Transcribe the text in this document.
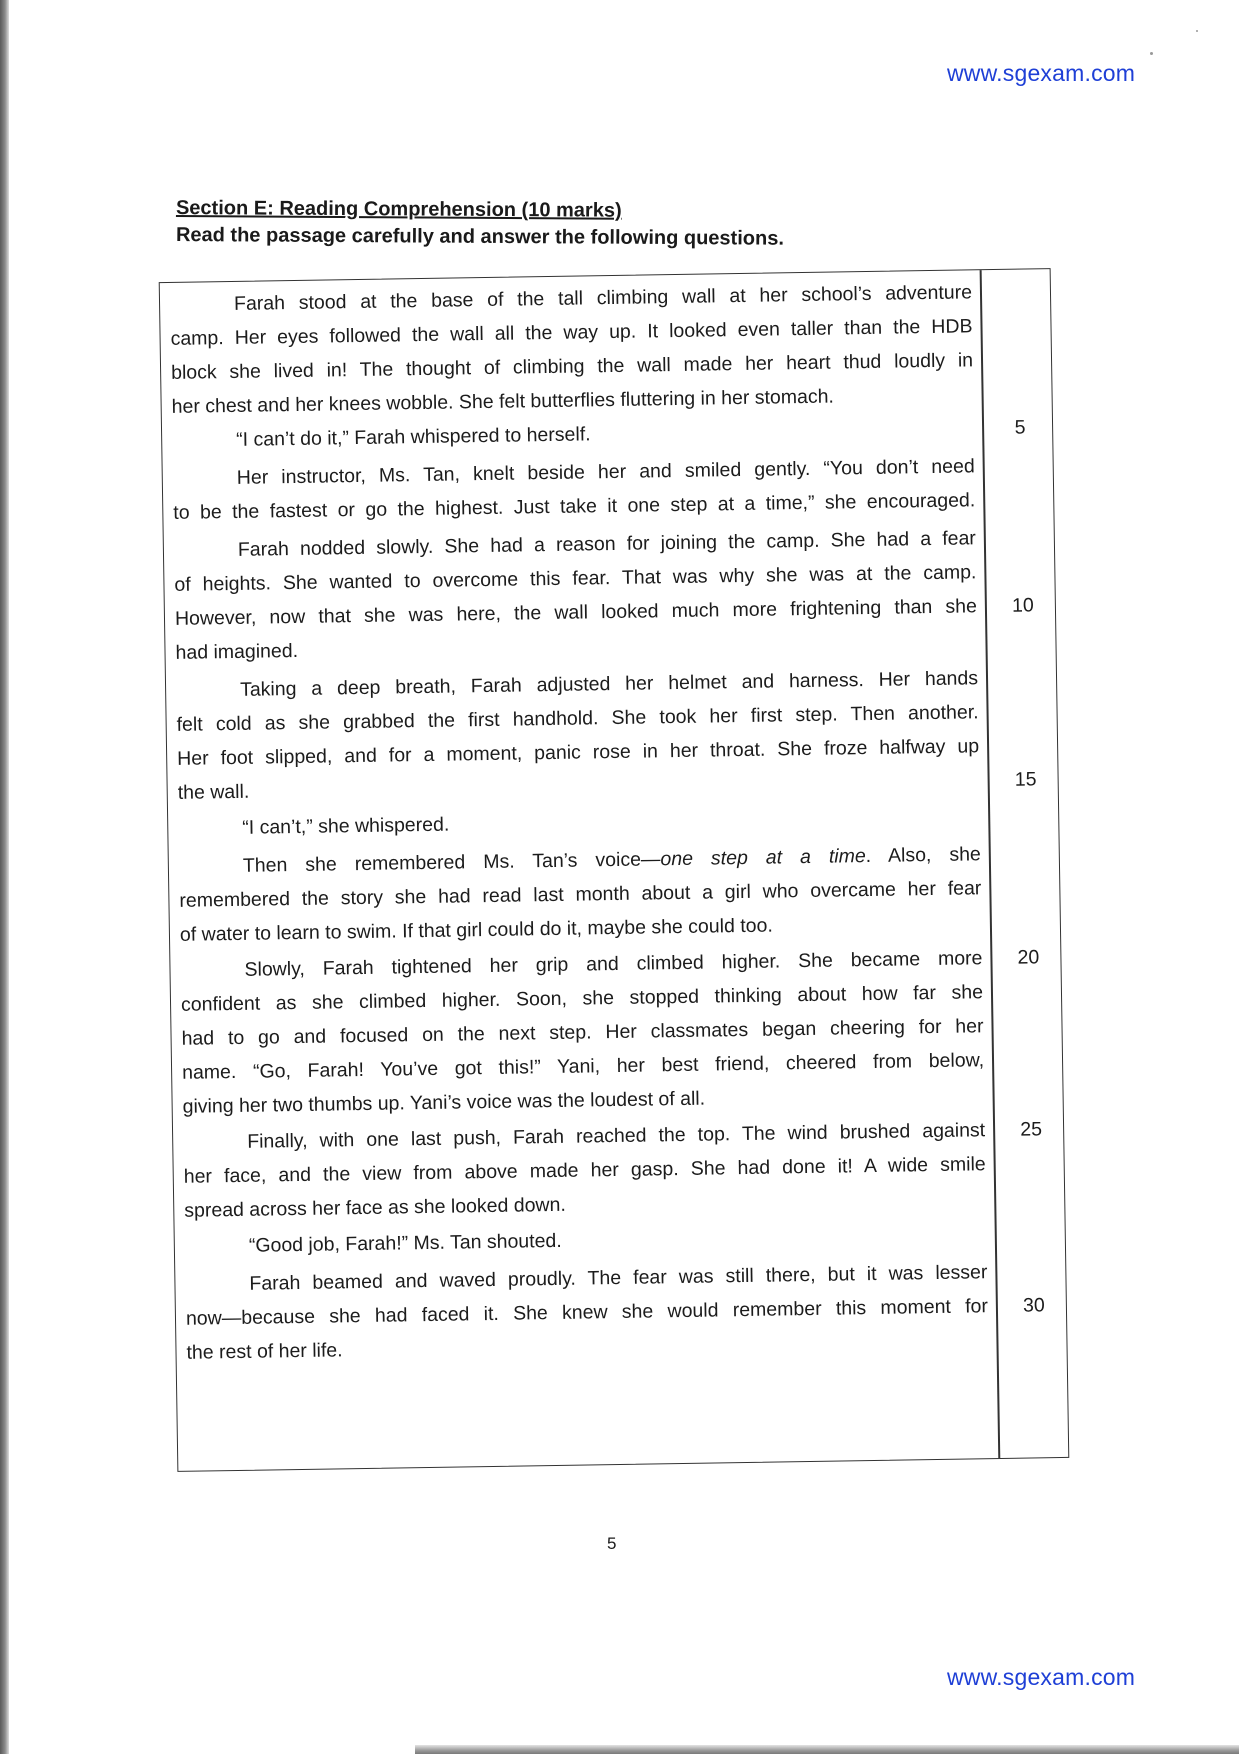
www.sgexam.com
Section E: Reading Comprehension (10 marks)
Read the passage carefully and answer the following questions.
Farah stood at the base of the tall climbing wall at her school’s adventure
camp. Her eyes followed the wall all the way up. It looked even taller than the HDB
block she lived in! The thought of climbing the wall made her heart thud loudly in
her chest and her knees wobble. She felt butterflies fluttering in her stomach.
“I can’t do it,” Farah whispered to herself.
Her instructor, Ms. Tan, knelt beside her and smiled gently. “You don’t need
to be the fastest or go the highest. Just take it one step at a time,” she encouraged.
Farah nodded slowly. She had a reason for joining the camp. She had a fear
of heights. She wanted to overcome this fear. That was why she was at the camp.
However, now that she was here, the wall looked much more frightening than she
had imagined.
Taking a deep breath, Farah adjusted her helmet and harness. Her hands
felt cold as she grabbed the first handhold. She took her first step. Then another.
Her foot slipped, and for a moment, panic rose in her throat. She froze halfway up
the wall.
“I can’t,” she whispered.
Then she remembered Ms. Tan’s voice—one step at a time. Also, she
remembered the story she had read last month about a girl who overcame her fear
of water to learn to swim. If that girl could do it, maybe she could too.
Slowly, Farah tightened her grip and climbed higher. She became more
confident as she climbed higher. Soon, she stopped thinking about how far she
had to go and focused on the next step. Her classmates began cheering for her
name. “Go, Farah! You’ve got this!” Yani, her best friend, cheered from below,
giving her two thumbs up. Yani’s voice was the loudest of all.
Finally, with one last push, Farah reached the top. The wind brushed against
her face, and the view from above made her gasp. She had done it! A wide smile
spread across her face as she looked down.
“Good job, Farah!” Ms. Tan shouted.
Farah beamed and waved proudly. The fear was still there, but it was lesser
now—because she had faced it. She knew she would remember this moment for
the rest of her life.
5
10
15
20
25
30
5
www.sgexam.com
